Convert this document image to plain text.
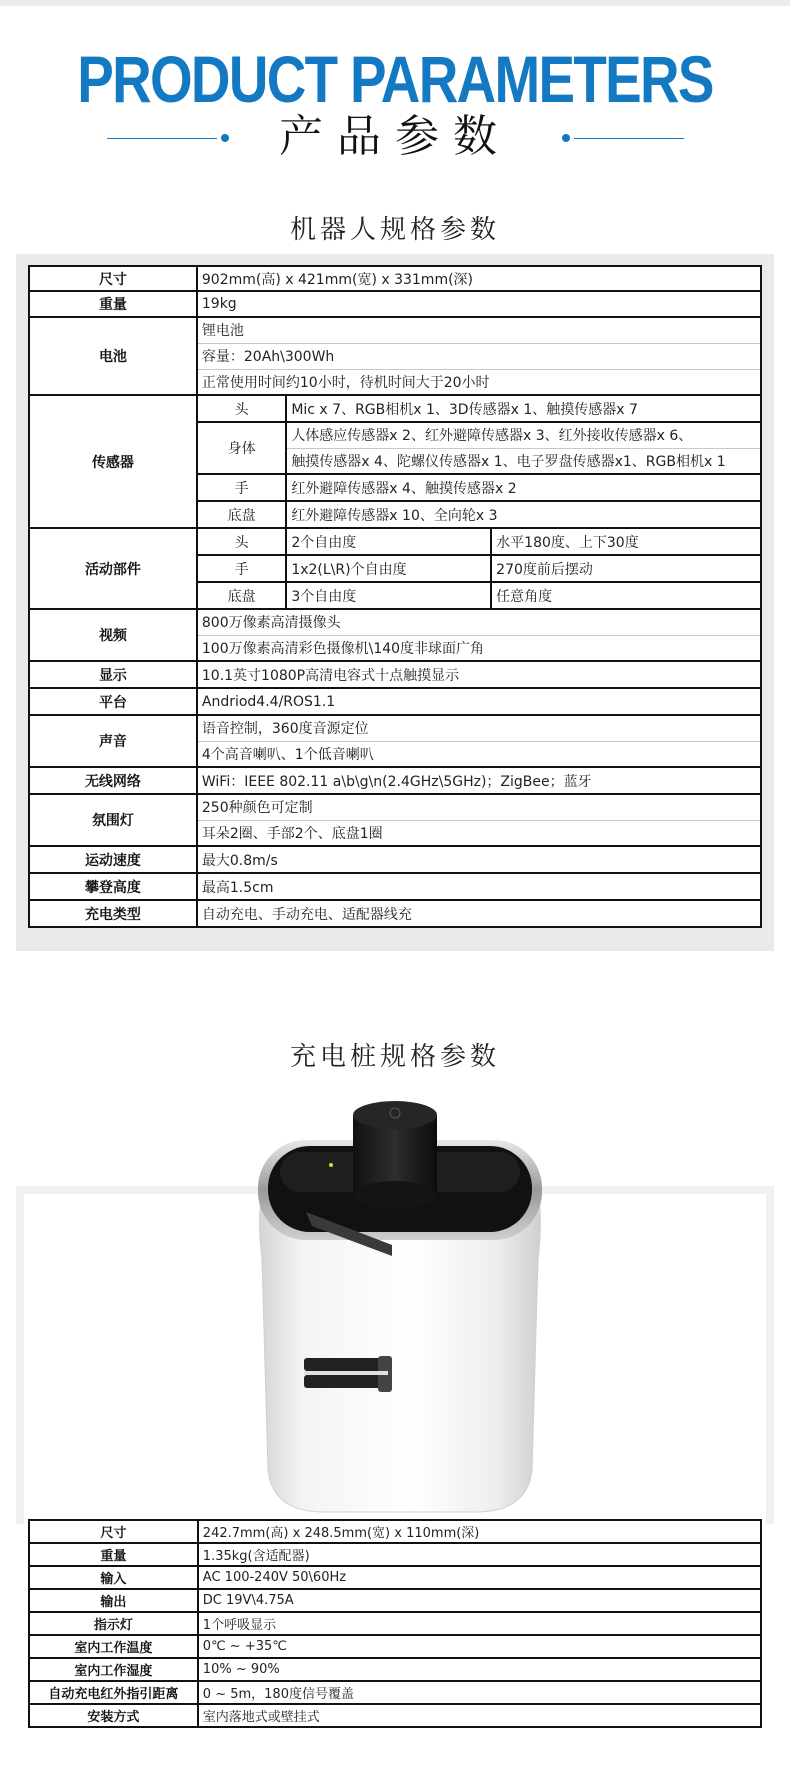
PRODUCT PARAMETERS
产品参数
机器人规格参数
尺寸	902mm(高) x 421mm(宽) x 331mm(深)		
重量	19kg		
电池	锂电池		
	容量：20Ah\300Wh		
	正常使用时间约10小时，待机时间大于20小时		
传感器	头	Mic x 7、RGB相机x 1、3D传感器x 1、触摸传感器x 7	
	身体	人体感应传感器x 2、红外避障传感器x 3、红外接收传感器x 6、	
		触摸传感器x 4、陀螺仪传感器x 1、电子罗盘传感器x1、RGB相机x 1	
	手	红外避障传感器x 4、触摸传感器x 2	
	底盘	红外避障传感器x 10、全向轮x 3	

活动部件	头	2个自由度	水平180度、上下30度
	手	1x2(L\R)个自由度	270度前后摆动
	底盘	3个自由度	任意角度
视频	800万像素高清摄像头		
	100万像素高清彩色摄像机\140度非球面广角		
显示	10.1英寸1080P高清电容式十点触摸显示		
平台	Andriod4.4/ROS1.1		
声音	语音控制，360度音源定位		
	4个高音喇叭、1个低音喇叭		
无线网络	WiFi：IEEE 802.11 a\b\g\n(2.4GHz\5GHz)；ZigBee；蓝牙		
氛围灯	250种颜色可定制		
	耳朵2圈、手部2个、底盘1圈		
运动速度	最大0.8m/s		
攀登高度	最高1.5cm		
充电类型	自动充电、手动充电、适配器线充		
充电桩规格参数
尺寸	242.7mm(高) x 248.5mm(宽) x 110mm(深)
重量	1.35kg(含适配器)
输入	AC 100-240V 50\60Hz
输出	DC 19V\4.75A
指示灯	1个呼吸显示
室内工作温度	0℃ ~ +35℃
室内工作湿度	10% ~ 90%
自动充电红外指引距离	0 ~ 5m，180度信号覆盖
安装方式	室内落地式或壁挂式
